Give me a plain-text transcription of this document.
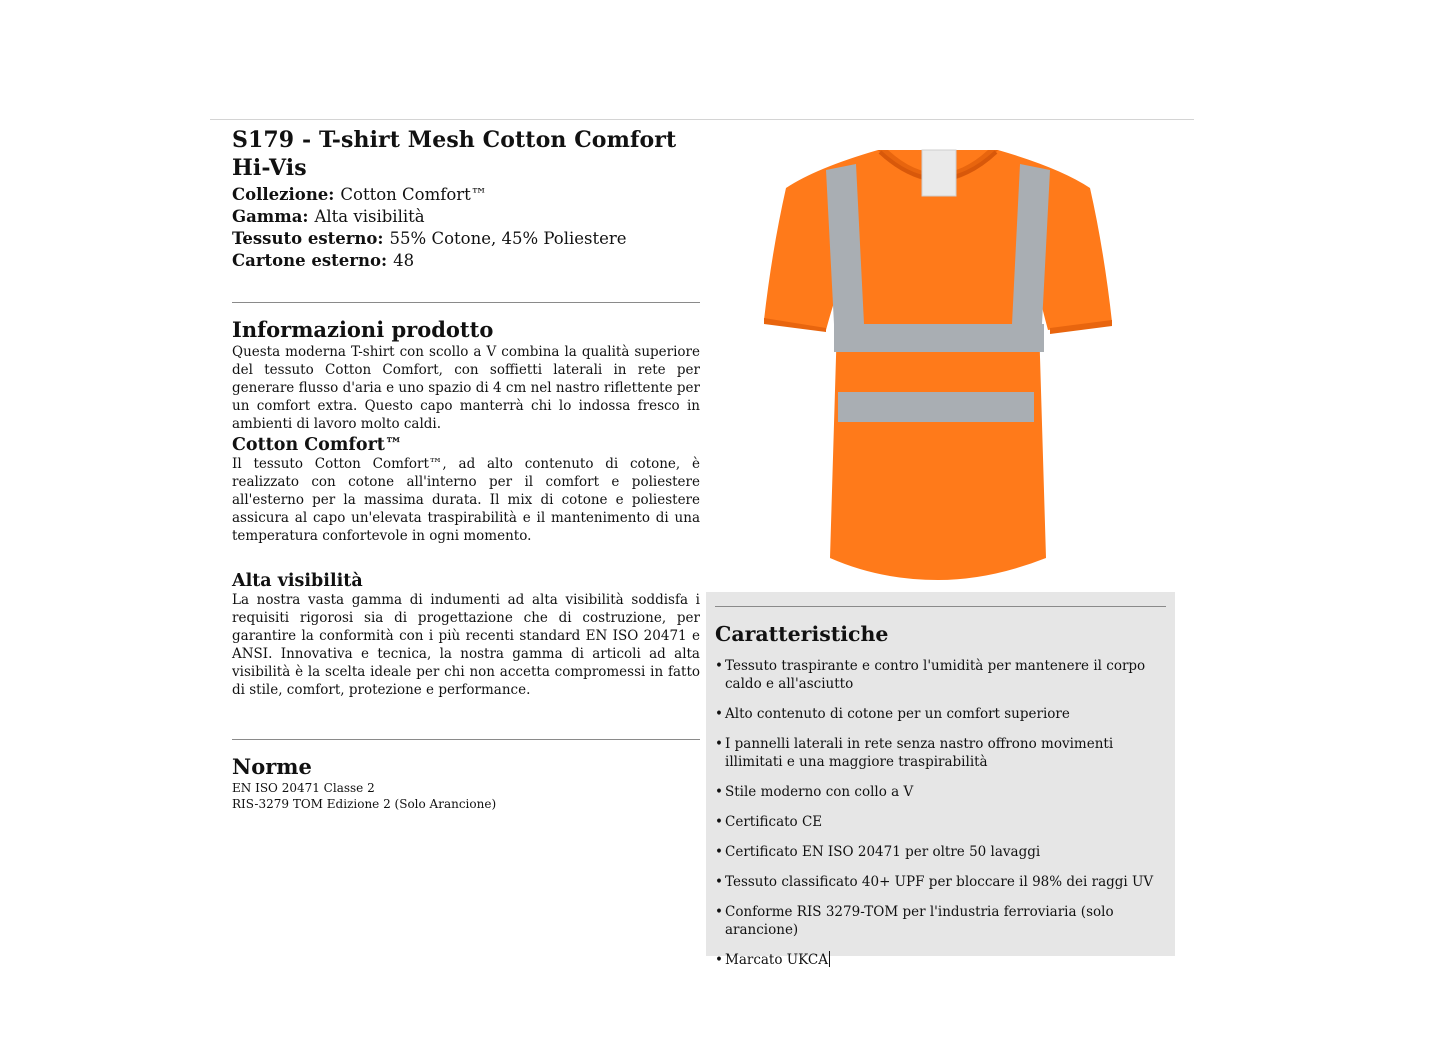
S179 - T-shirt Mesh Cotton Comfort Hi-Vis
Collezione: Cotton Comfort™
Gamma: Alta visibilità
Tessuto esterno: 55% Cotone, 45% Poliestere
Cartone esterno: 48
Informazioni prodotto

Questa moderna T-shirt con scollo a V combina la qualità superiore del tessuto Cotton Comfort, con soffietti laterali in rete per generare flusso d'aria e uno spazio di 4 cm nel nastro riflettente per un comfort extra. Questo capo manterrà chi lo indossa fresco in ambienti di lavoro molto caldi.

Cotton Comfort™

Il tessuto Cotton Comfort™, ad alto contenuto di cotone, è realizzato con cotone all'interno per il comfort e poliestere all'esterno per la massima durata. Il mix di cotone e poliestere assicura al capo un'elevata traspirabilità e il mantenimento di una temperatura confortevole in ogni momento.

Alta visibilità

La nostra vasta gamma di indumenti ad alta visibilità soddisfa i requisiti rigorosi sia di progettazione che di costruzione, per garantire la conformità con i più recenti standard EN ISO 20471 e ANSI. Innovativa e tecnica, la nostra gamma di articoli ad alta visibilità è la scelta ideale per chi non accetta compromessi in fatto di stile, comfort, protezione e performance.

Norme
EN ISO 20471 Classe 2
RIS-3279 TOM Edizione 2 (Solo Arancione)
Caratteristiche
• Tessuto traspirante e contro l'umidità per mantenere il corpo caldo e all'asciutto
• Alto contenuto di cotone per un comfort superiore
• I pannelli laterali in rete senza nastro offrono movimenti illimitati e una maggiore traspirabilità
• Stile moderno con collo a V
• Certificato CE
• Certificato EN ISO 20471 per oltre 50 lavaggi
• Tessuto classificato 40+ UPF per bloccare il 98% dei raggi UV
• Conforme RIS 3279-TOM per l'industria ferroviaria (solo arancione)
• Marcato UKCA
